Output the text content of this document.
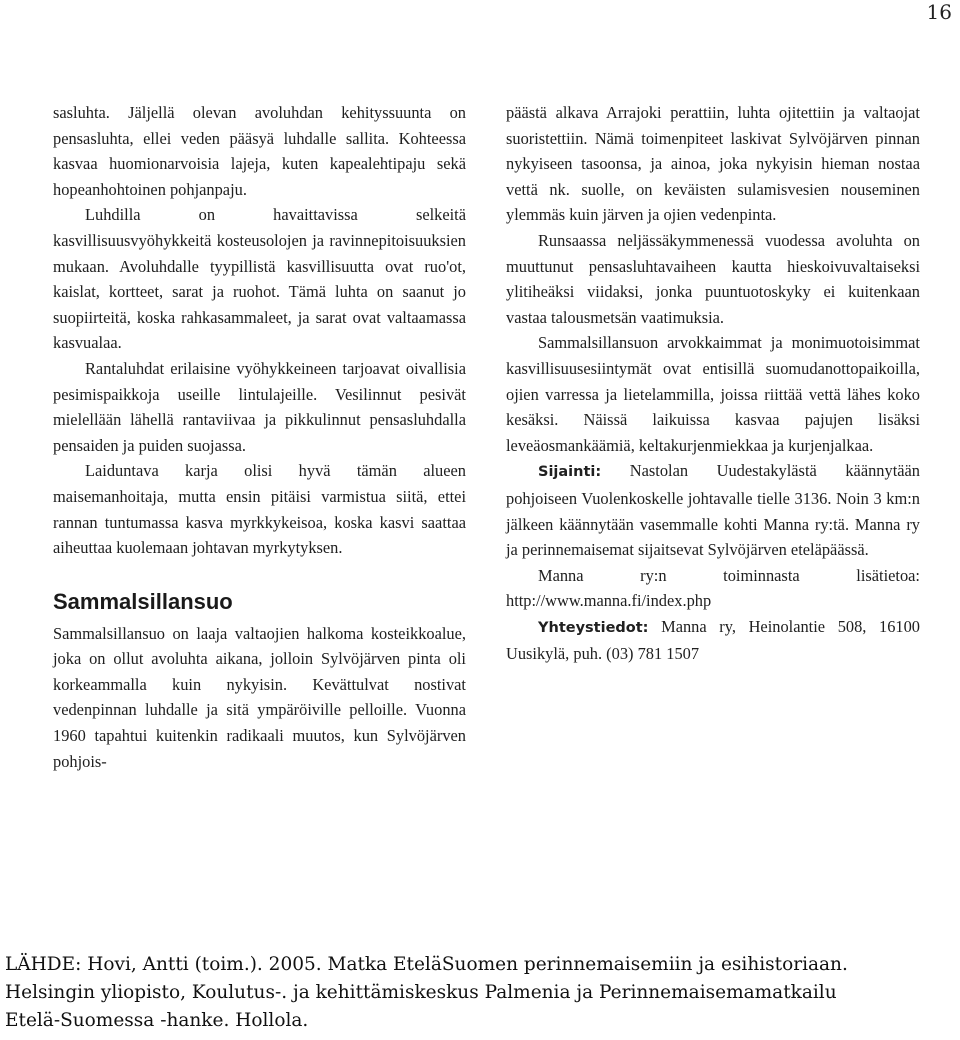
16

sasluhta. Jäljellä olevan avoluhdan kehityssuunta on pensasluhta, ellei veden pääsyä luhdalle sallita. Kohteessa kasvaa huomionarvoisia lajeja, kuten kapealehtipaju sekä hopeanhohtoinen pohjanpaju.

Luhdilla on havaittavissa selkeitä kasvillisuusvyöhykkeitä kosteusolojen ja ravinnepitoisuuksien mukaan. Avoluhdalle tyypillistä kasvillisuutta ovat ruo'ot, kaislat, kortteet, sarat ja ruohot. Tämä luhta on saanut jo suopiirteitä, koska rahkasammaleet, ja sarat ovat valtaamassa kasvualaa.

Rantaluhdat erilaisine vyöhykkeineen tarjoavat oivallisia pesimispaikkoja useille lintulajeille. Vesilinnut pesivät mielellään lähellä rantaviivaa ja pikkulinnut pensasluhdalla pensaiden ja puiden suojassa.

Laiduntava karja olisi hyvä tämän alueen maisemanhoitaja, mutta ensin pitäisi varmistua siitä, ettei rannan tuntumassa kasva myrkkykeisoa, koska kasvi saattaa aiheuttaa kuolemaan johtavan myrkytyksen.

Sammalsillansuo

Sammalsillansuo on laaja valtaojien halkoma kosteikkoalue, joka on ollut avoluhta aikana, jolloin Sylvöjärven pinta oli korkeammalla kuin nykyisin. Kevättulvat nostivat vedenpinnan luhdalle ja sitä ympäröiville pelloille. Vuonna 1960 tapahtui kuitenkin radikaali muutos, kun Sylvöjärven pohjois-

päästä alkava Arrajoki perattiin, luhta ojitettiin ja valtaojat suoristettiin. Nämä toimenpiteet laskivat Sylvöjärven pinnan nykyiseen tasoonsa, ja ainoa, joka nykyisin hieman nostaa vettä nk. suolle, on keväisten sulamisvesien nouseminen ylemmäs kuin järven ja ojien vedenpinta.

Runsaassa neljässäkymmenessä vuodessa avoluhta on muuttunut pensasluhtavaiheen kautta hieskoivuvaltaiseksi ylitiheäksi viidaksi, jonka puuntuotoskyky ei kuitenkaan vastaa talousmetsän vaatimuksia.

Sammalsillansuon arvokkaimmat ja monimuotoisimmat kasvillisuusesiintymät ovat entisillä suomudanottopaikoilla, ojien varressa ja lietelammilla, joissa riittää vettä lähes koko kesäksi. Näissä laikuissa kasvaa pajujen lisäksi leveäosmankäämiä, keltakurjenmiekkaa ja kurjenjalkaa.

Sijainti: Nastolan Uudestakylästä käännytään pohjoiseen Vuolenkoskelle johtavalle tielle 3136. Noin 3 km:n jälkeen käännytään vasemmalle kohti Manna ry:tä. Manna ry ja perinnemaisemat sijaitsevat Sylvöjärven eteläpäässä.

Manna ry:n toiminnasta lisätietoa: http://www.manna.fi/index.php

Yhteystiedot: Manna ry, Heinolantie 508, 16100 Uusikylä, puh. (03) 781 1507

LÄHDE: Hovi, Antti (toim.). 2005. Matka EteläSuomen perinnemaisemiin ja esihistoriaan.

Helsingin yliopisto, Koulutus-. ja kehittämiskeskus Palmenia ja Perinnemaisemamatkailu

Etelä-Suomessa -hanke. Hollola.
